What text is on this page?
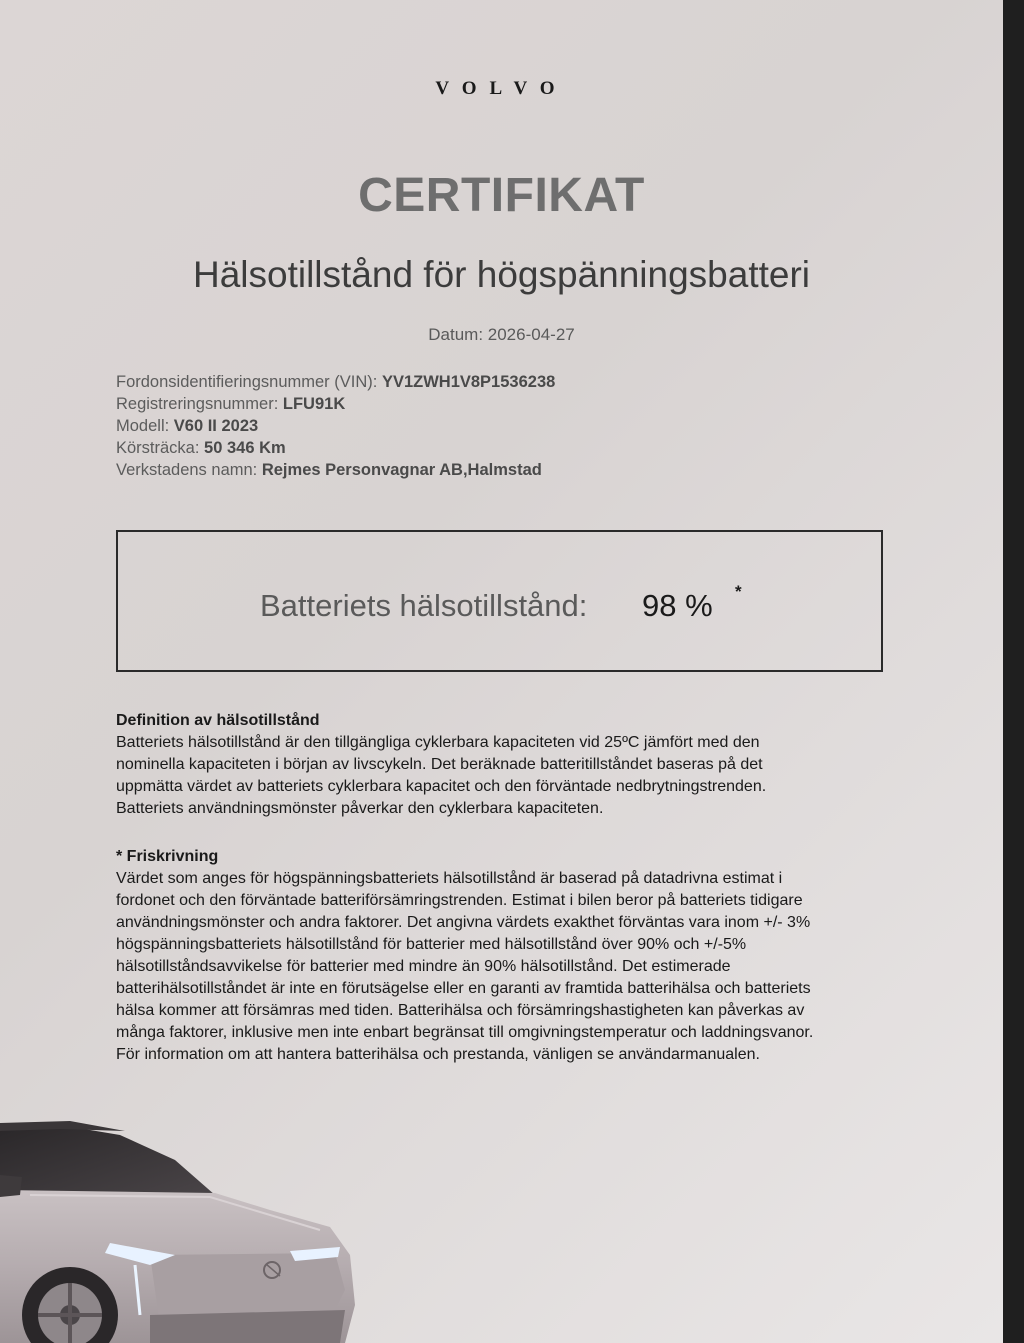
VOLVO
CERTIFIKAT
Hälsotillstånd för högspänningsbatteri
Datum: 2026-04-27
Fordonsidentifieringsnummer (VIN): YV1ZWH1V8P1536238
Registreringsnummer: LFU91K
Modell: V60 II 2023
Körsträcka: 50 346 Km
Verkstadens namn: Rejmes Personvagnar AB,Halmstad
Batteriets hälsotillstånd: 98 % *
Definition av hälsotillstånd
Batteriets hälsotillstånd är den tillgängliga cyklerbara kapaciteten vid 25ºC jämfört med den
nominella kapaciteten i början av livscykeln. Det beräknade batteritillståndet baseras på det
uppmätta värdet av batteriets cyklerbara kapacitet och den förväntade nedbrytningstrenden.
Batteriets användningsmönster påverkar den cyklerbara kapaciteten.
* Friskrivning
Värdet som anges för högspänningsbatteriets hälsotillstånd är baserad på datadrivna estimat i
fordonet och den förväntade batteriförsämringstrenden. Estimat i bilen beror på batteriets tidigare
användningsmönster och andra faktorer. Det angivna värdets exakthet förväntas vara inom +/- 3%
högspänningsbatteriets hälsotillstånd för batterier med hälsotillstånd över 90% och +/-5%
hälsotillståndsavvikelse för batterier med mindre än 90% hälsotillstånd. Det estimerade
batterihälsotillståndet är inte en förutsägelse eller en garanti av framtida batterihälsa och batteriets
hälsa kommer att försämras med tiden. Batterihälsa och försämringshastigheten kan påverkas av
många faktorer, inklusive men inte enbart begränsat till omgivningstemperatur och laddningsvanor.
För information om att hantera batterihälsa och prestanda, vänligen se användarmanualen.
